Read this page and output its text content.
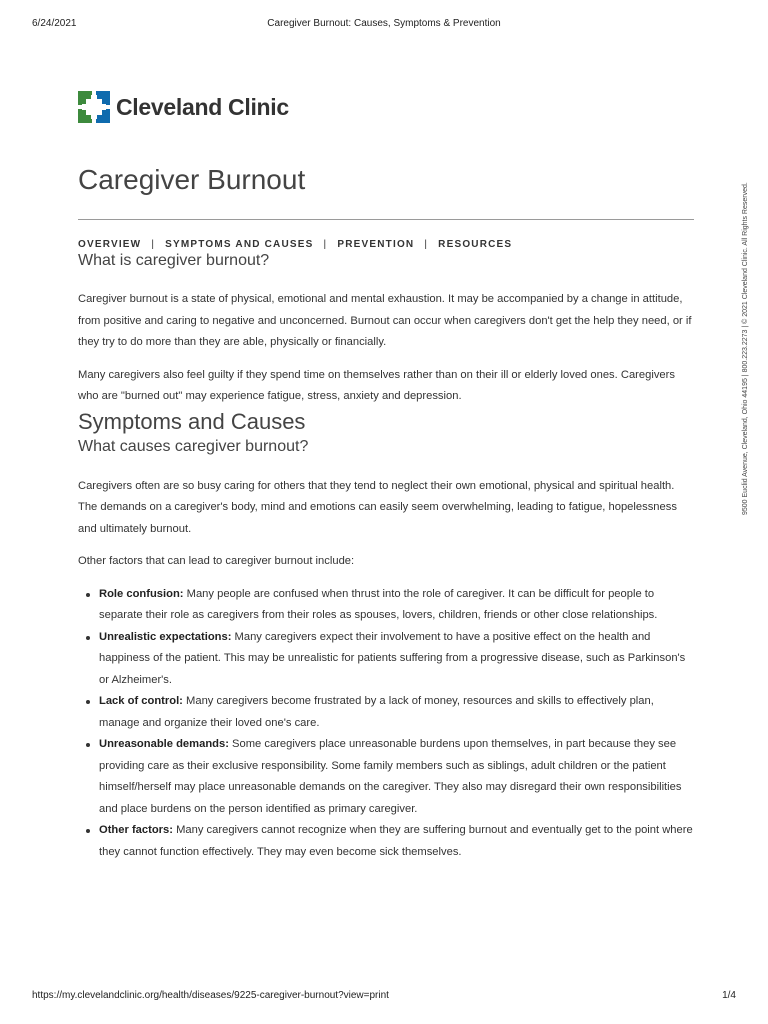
6/24/2021	Caregiver Burnout: Causes, Symptoms & Prevention
Cleveland Clinic
9500 Euclid Avenue, Cleveland, Ohio 44195 | 800.223.2273 | © 2021 Cleveland Clinic. All Rights Reserved.
Caregiver Burnout
OVERVIEW | SYMPTOMS AND CAUSES | PREVENTION | RESOURCES
What is caregiver burnout?

Caregiver burnout is a state of physical, emotional and mental exhaustion. It may be accompanied by a change in attitude, from positive and caring to negative and unconcerned. Burnout can occur when caregivers don't get the help they need, or if they try to do more than they are able, physically or financially.

Many caregivers also feel guilty if they spend time on themselves rather than on their ill or elderly loved ones. Caregivers who are "burned out" may experience fatigue, stress, anxiety and depression.

Symptoms and Causes
What causes caregiver burnout?

Caregivers often are so busy caring for others that they tend to neglect their own emotional, physical and spiritual health. The demands on a caregiver's body, mind and emotions can easily seem overwhelming, leading to fatigue, hopelessness and ultimately burnout.

Other factors that can lead to caregiver burnout include:

Role confusion: Many people are confused when thrust into the role of caregiver. It can be difficult for people to separate their role as caregivers from their roles as spouses, lovers, children, friends or other close relationships.
Unrealistic expectations: Many caregivers expect their involvement to have a positive effect on the health and happiness of the patient. This may be unrealistic for patients suffering from a progressive disease, such as Parkinson's or Alzheimer's.
Lack of control: Many caregivers become frustrated by a lack of money, resources and skills to effectively plan, manage and organize their loved one's care.
Unreasonable demands: Some caregivers place unreasonable burdens upon themselves, in part because they see providing care as their exclusive responsibility. Some family members such as siblings, adult children or the patient himself/herself may place unreasonable demands on the caregiver. They also may disregard their own responsibilities and place burdens on the person identified as primary caregiver.
Other factors: Many caregivers cannot recognize when they are suffering burnout and eventually get to the point where they cannot function effectively. They may even become sick themselves.
https://my.clevelandclinic.org/health/diseases/9225-caregiver-burnout?view=print	1/4
